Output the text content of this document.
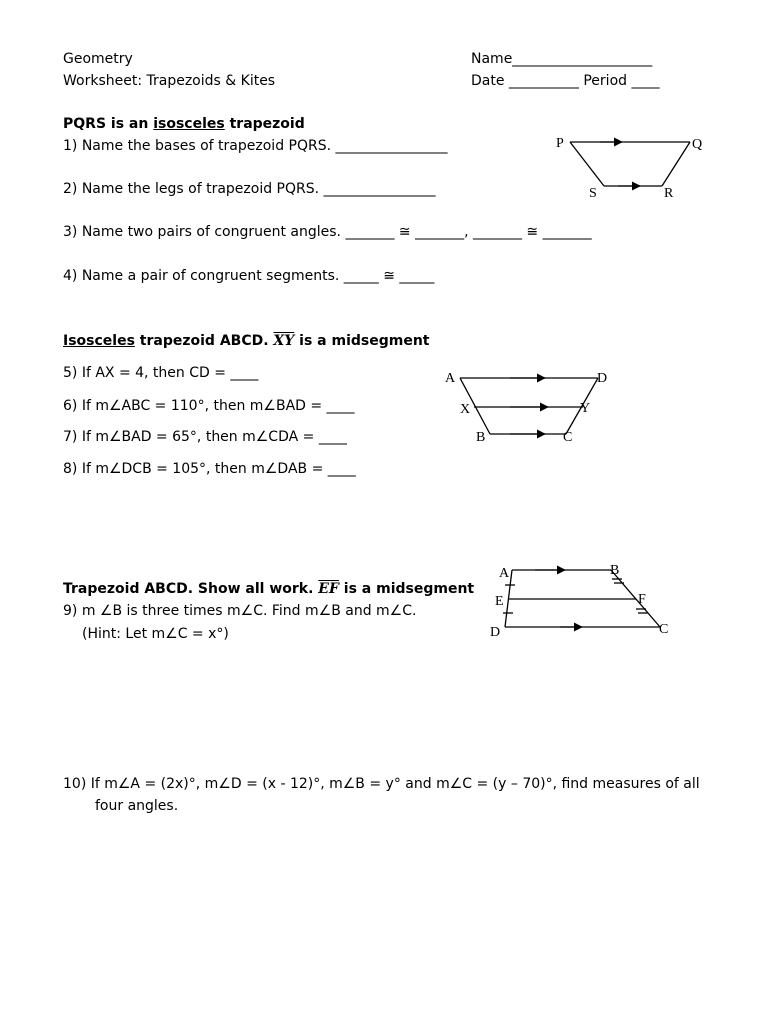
Geometry
Worksheet: Trapezoids & Kites
Name____________________
Date __________ Period ____
PQRS is an isosceles trapezoid
1) Name the bases of trapezoid PQRS. ________________
2) Name the legs of trapezoid PQRS. ________________
3) Name two pairs of congruent angles. _______ ≅ _______, _______ ≅ _______
4) Name a pair of congruent segments. _____ ≅ _____
Isosceles trapezoid ABCD. $\overline{XY}$ is a midsegment
5) If AX = 4, then CD = ____
6) If m∠ABC = 110°, then m∠BAD = ____
7) If m∠BAD = 65°, then m∠CDA = ____
8) If m∠DCB = 105°, then m∠DAB = ____
Trapezoid ABCD. Show all work. $\overline{EF}$ is a midsegment
9) m ∠B is three times m∠C. Find m∠B and m∠C.
(Hint: Let m∠C = x°)
10) If m∠A = (2x)°, m∠D = (x - 12)°, m∠B = y° and m∠C = (y – 70)°, find measures of all
four angles.
P	Q
S	R
A	D
X	Y
B	C
A	B
E	F
D	C
